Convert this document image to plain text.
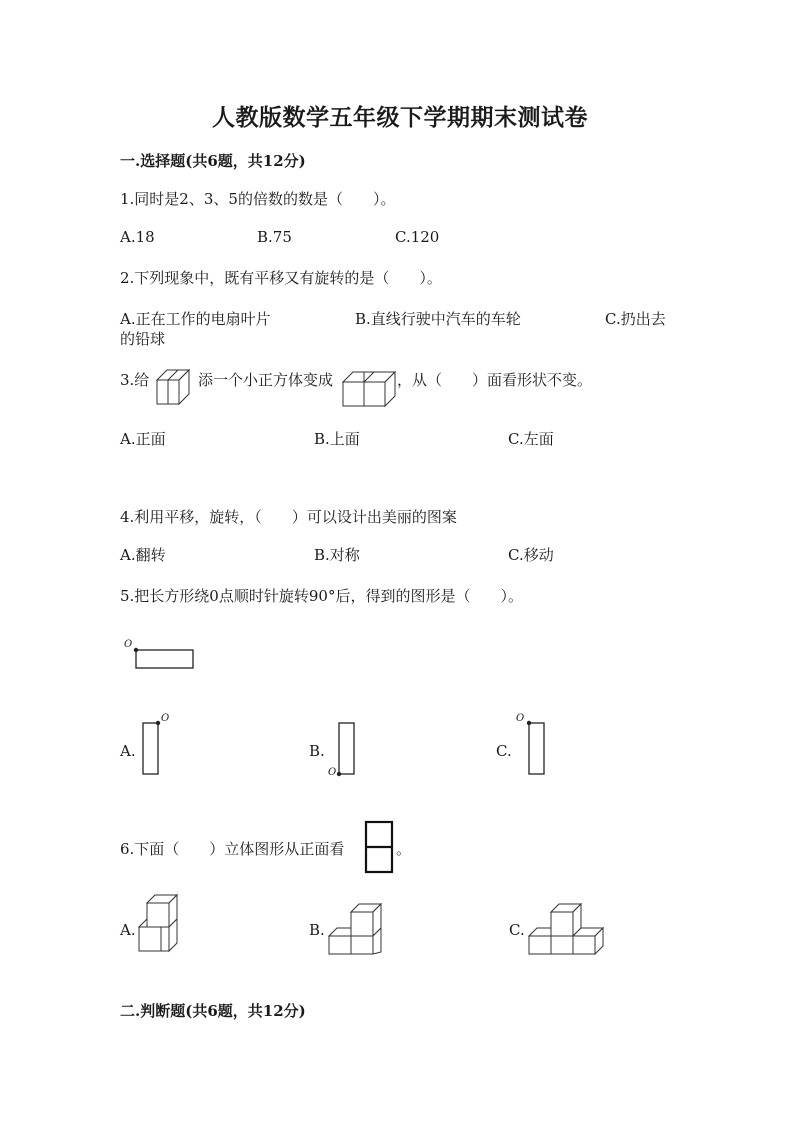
人教版数学五年级下学期期末测试卷
一.选择题(共6题，共12分)
1.同时是2、3、5的倍数的数是（　　）。
A.18	B.75	C.120
2.下列现象中，既有平移又有旋转的是（　　）。
A.正在工作的电扇叶片	B.直线行驶中汽车的车轮	C.扔出去
的铅球
3.给	添一个小正方体变成	，从（　　）面看形状不变。
A.正面	B.上面	C.左面
4.利用平移，旋转，（　　）可以设计出美丽的图案
A.翻转	B.对称	C.移动
5.把长方形绕0点顺时针旋转90°后，得到的图形是（　　）。
O
A.
O
B.
O
C.
O
6.下面（　　）立体图形从正面看	。
A.	B.	C.
二.判断题(共6题，共12分)
